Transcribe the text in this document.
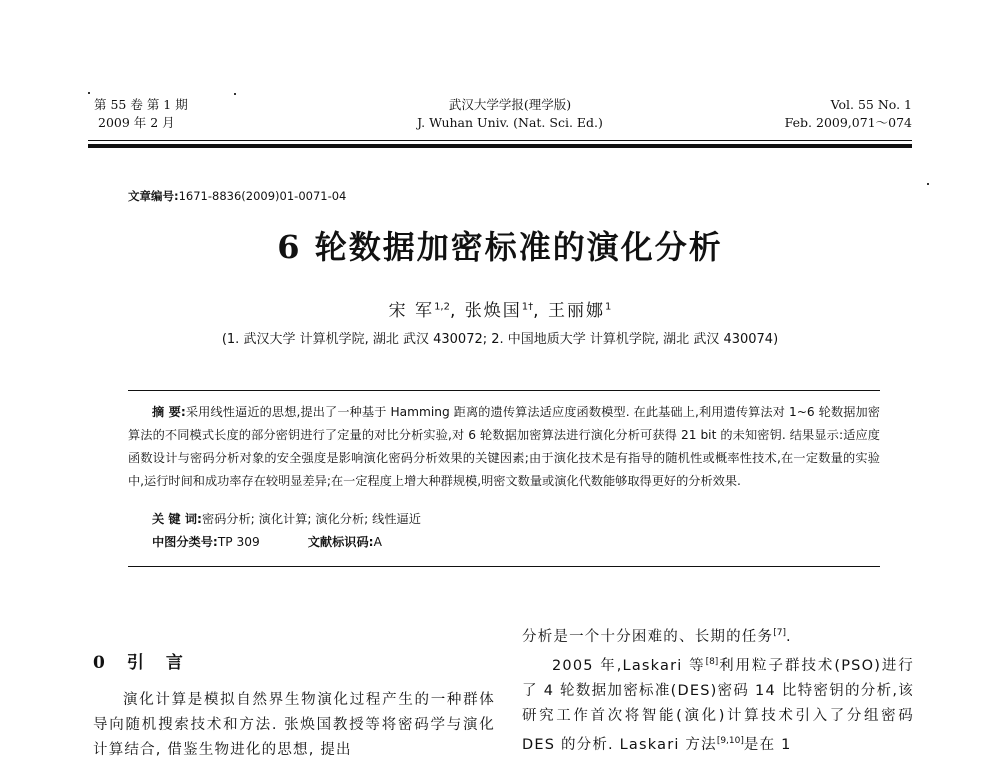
第 55 卷 第 1 期
2009 年 2 月
武汉大学学报(理学版)
J. Wuhan Univ. (Nat. Sci. Ed.)
Vol. 55 No. 1
Feb. 2009,071～074
文章编号:1671-8836(2009)01-0071-04
6 轮数据加密标准的演化分析
宋 军$^{1,2}$, 张焕国$^{1\dagger}$, 王丽娜$^1$
(1. 武汉大学 计算机学院, 湖北 武汉 430072; 2. 中国地质大学 计算机学院, 湖北 武汉 430074)

摘 要:采用线性逼近的思想,提出了一种基于 Hamming 距离的遗传算法适应度函数模型. 在此基础上,利用遗传算法对 1~6 轮数据加密算法的不同模式长度的部分密钥进行了定量的对比分析实验,对 6 轮数据加密算法进行演化分析可获得 21 bit 的未知密钥. 结果显示:适应度函数设计与密码分析对象的安全强度是影响演化密码分析效果的关键因素;由于演化技术是有指导的随机性或概率性技术,在一定数量的实验中,运行时间和成功率存在较明显差异;在一定程度上增大种群规模,明密文数量或演化代数能够取得更好的分析效果.

关 键 词:密码分析; 演化计算; 演化分析; 线性逼近
中图分类号:TP 309	文献标识码:A
0 引 言

演化计算是模拟自然界生物演化过程产生的一种群体导向随机搜索技术和方法. 张焕国教授等将密码学与演化计算结合, 借鉴生物进化的思想, 提出

分析是一个十分困难的、长期的任务[7].

2005 年,Laskari 等[8]利用粒子群技术(PSO)进行了 4 轮数据加密标准(DES)密码 14 比特密钥的分析,该研究工作首次将智能(演化)计算技术引入了分组密码 DES 的分析. Laskari 方法[9,10]是在 1
